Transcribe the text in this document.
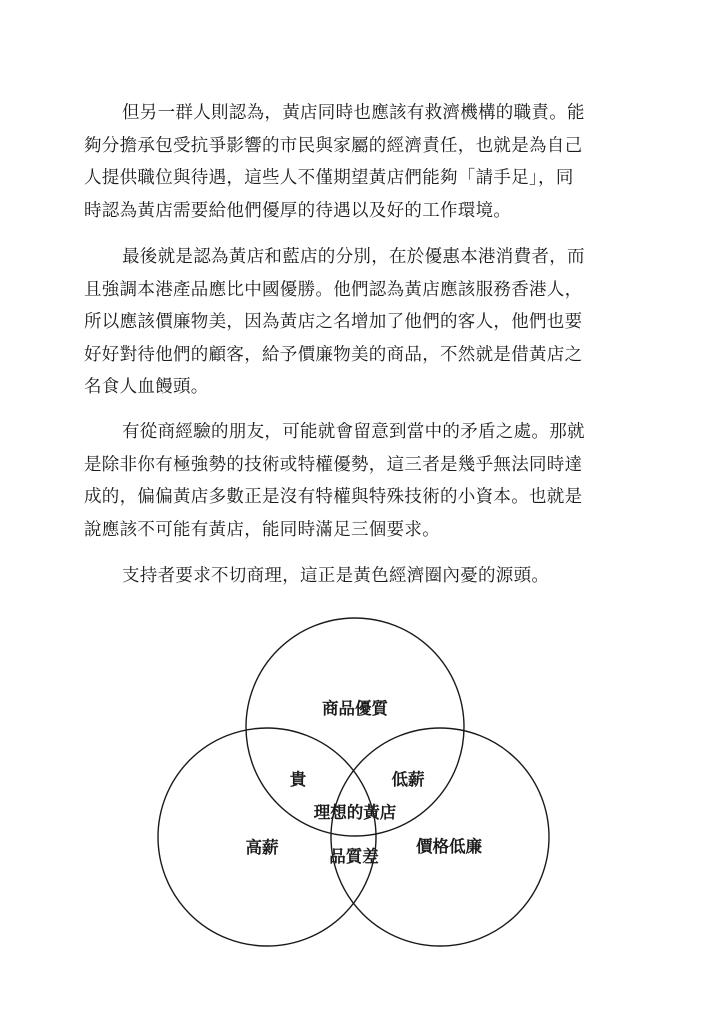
但另一群人則認為，黃店同時也應該有救濟機構的職責。能
夠分擔承包受抗爭影響的市民與家屬的經濟責任，也就是為自己
人提供職位與待遇，這些人不僅期望黃店們能夠「請手足」，同
時認為黃店需要給他們優厚的待遇以及好的工作環境。

最後就是認為黃店和藍店的分別，在於優惠本港消費者，而
且強調本港產品應比中國優勝。他們認為黃店應該服務香港人，
所以應該價廉物美，因為黃店之名增加了他們的客人，他們也要
好好對待他們的顧客，給予價廉物美的商品，不然就是借黃店之
名食人血饅頭。

有從商經驗的朋友，可能就會留意到當中的矛盾之處。那就
是除非你有極強勢的技術或特權優勢，這三者是幾乎無法同時達
成的，偏偏黃店多數正是沒有特權與特殊技術的小資本。也就是
說應該不可能有黃店，能同時滿足三個要求。

支持者要求不切商理，這正是黃色經濟圈內憂的源頭。

商品優質
高薪	價格低廉
貴	低薪
品質差
理想的黃店
